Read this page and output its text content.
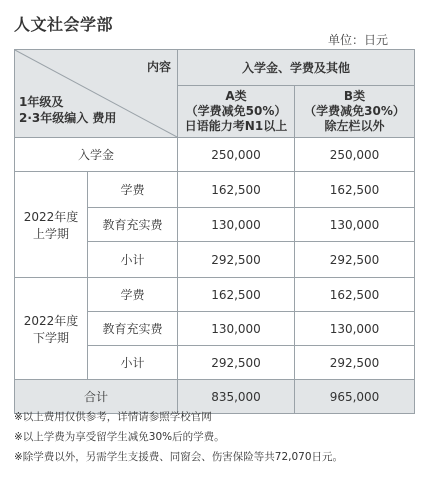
人文社会学部
单位：日元
内容
1年级及
2·3年级编入 费用		入学金、学费及其他	
		A类
（学费减免50%）
日语能力考N1以上	B类
（学费减免30%）
除左栏以外
入学金		250,000	250,000
2022年度
上学期	学费	162,500	162,500
	教育充实费	130,000	130,000
	小计	292,500	292,500
2022年度
下学期	学费	162,500	162,500
	教育充实费	130,000	130,000
	小计	292,500	292,500
合计		835,000	965,000
※以上费用仅供参考，详情请参照学校官网
※以上学费为享受留学生减免30%后的学费。
※除学费以外，另需学生支援费、同窗会、伤害保险等共72,070日元。
